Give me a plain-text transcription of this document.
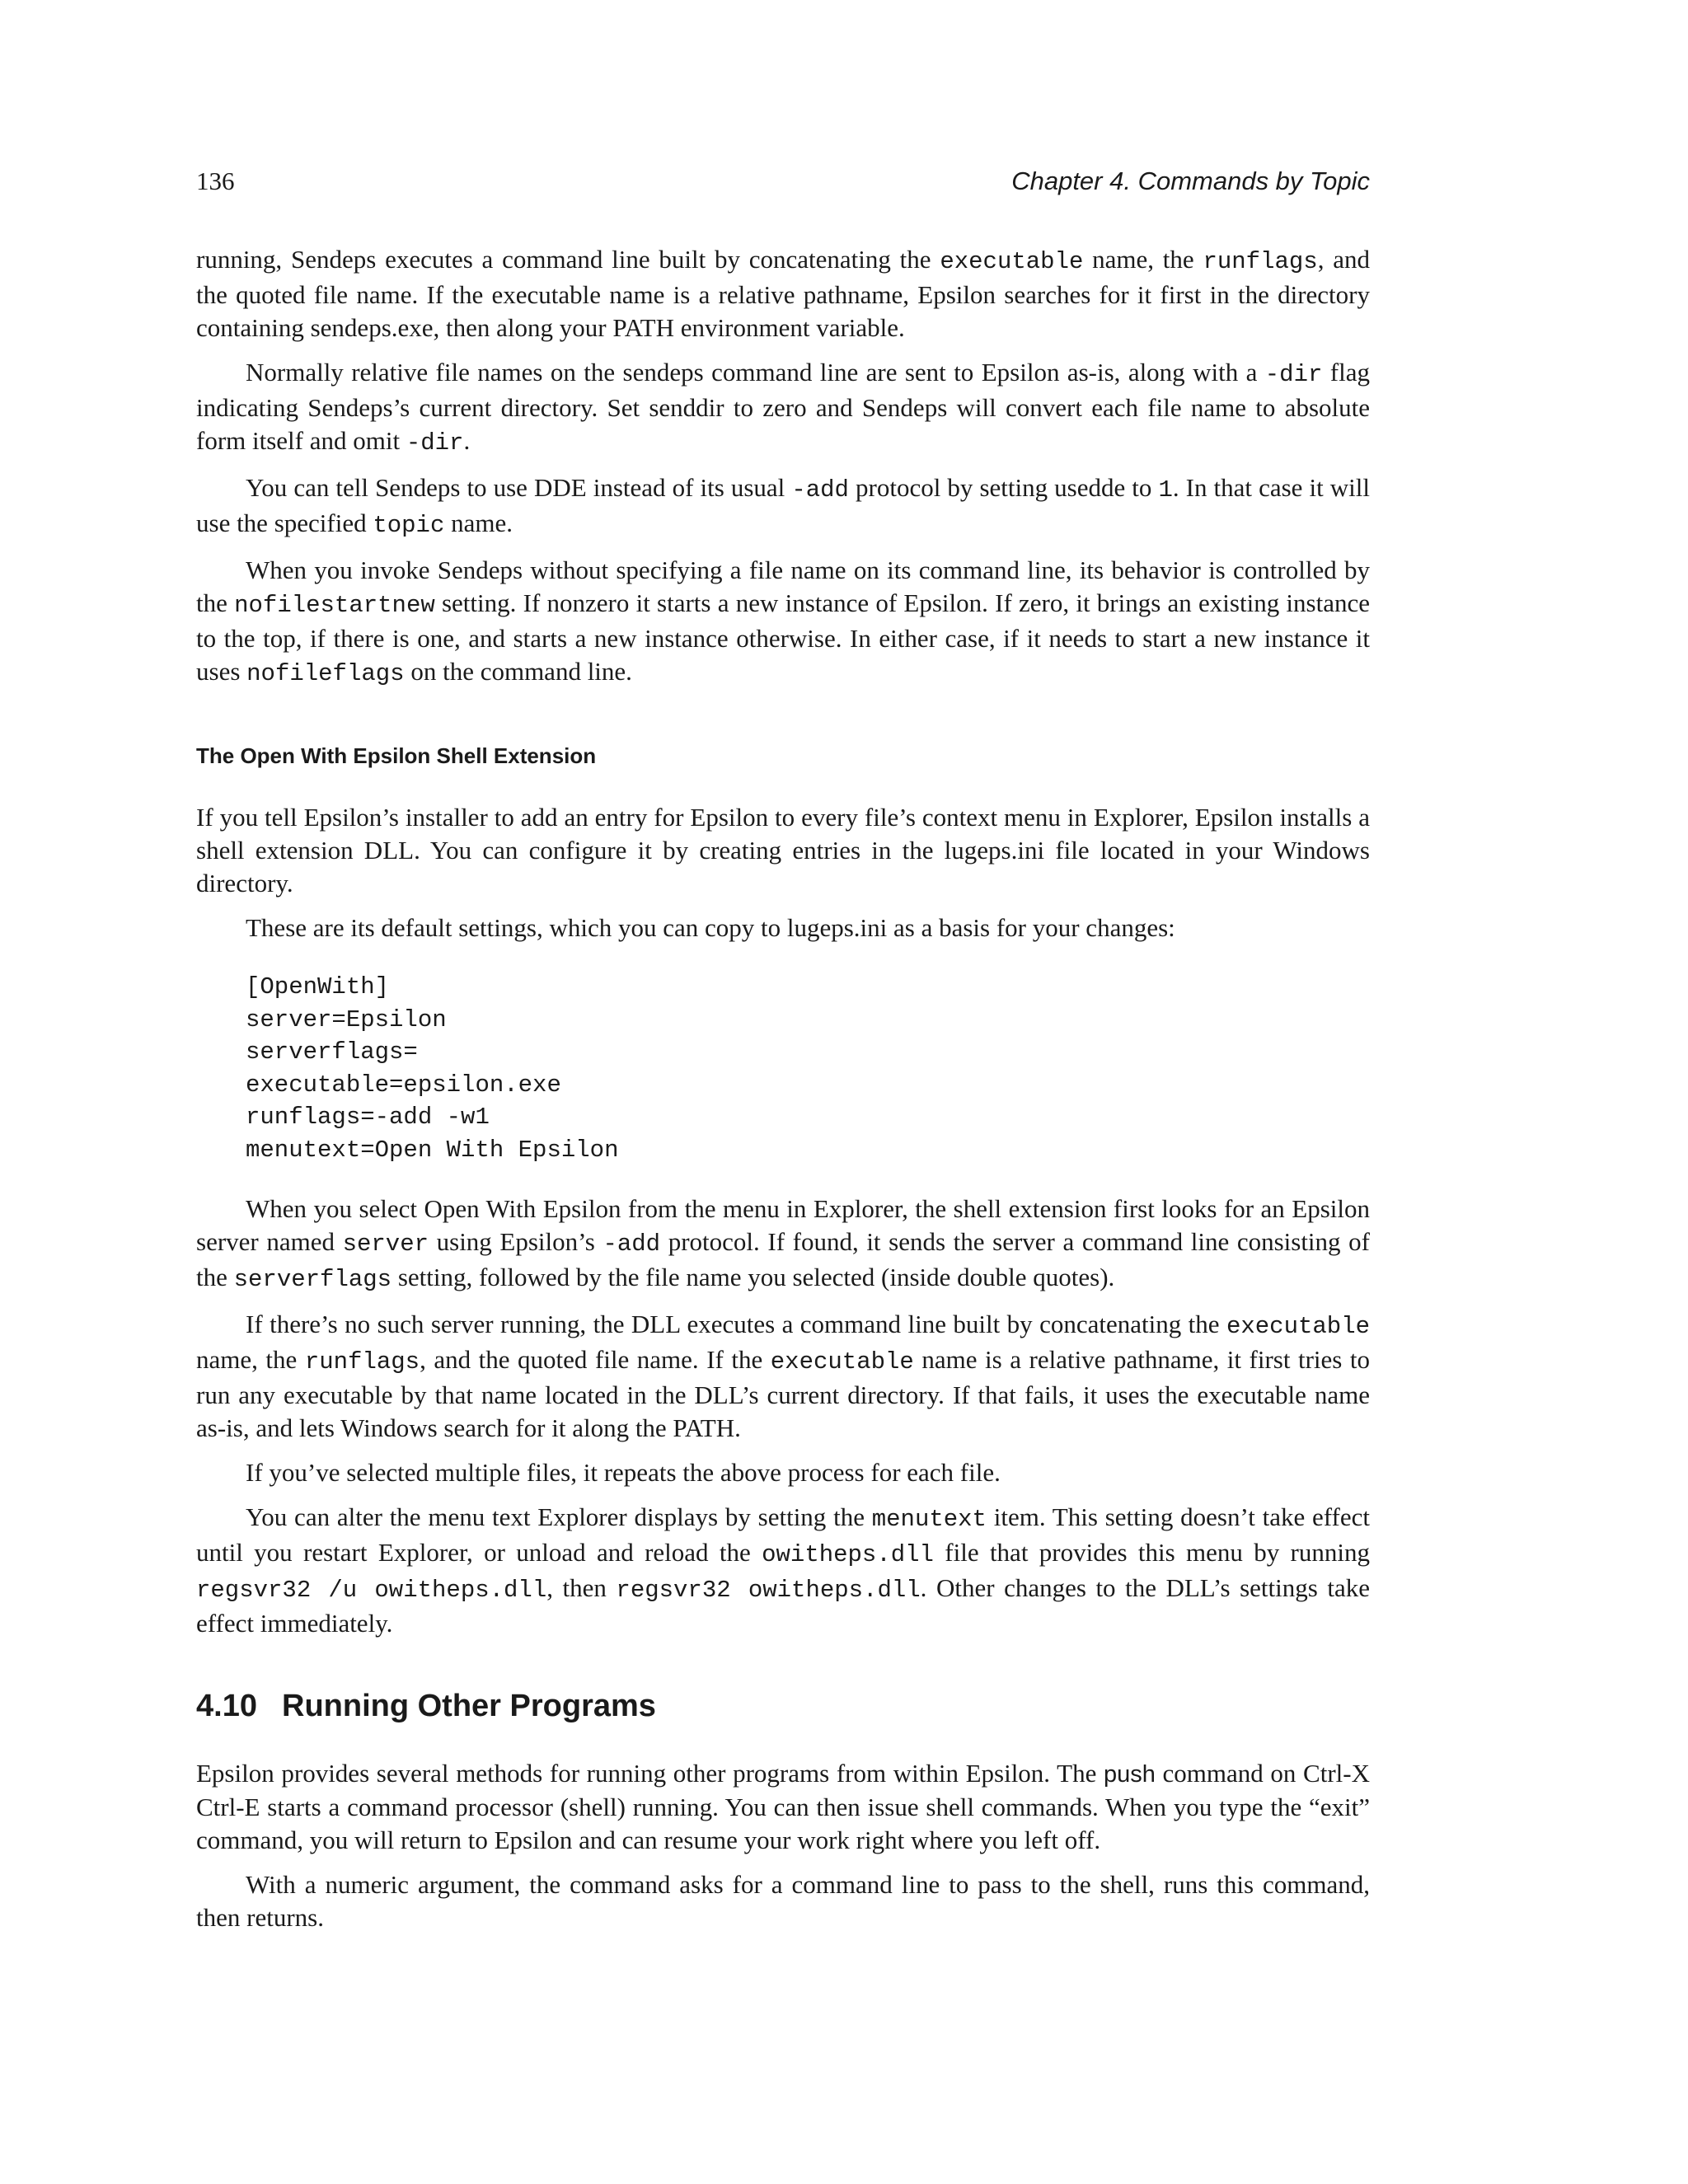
136	Chapter 4. Commands by Topic

running, Sendeps executes a command line built by concatenating the executable name, the runflags, and the quoted file name. If the executable name is a relative pathname, Epsilon searches for it first in the directory containing sendeps.exe, then along your PATH environment variable.

Normally relative file names on the sendeps command line are sent to Epsilon as-is, along with a -dir flag indicating Sendeps’s current directory. Set senddir to zero and Sendeps will convert each file name to absolute form itself and omit -dir.

You can tell Sendeps to use DDE instead of its usual -add protocol by setting usedde to 1. In that case it will use the specified topic name.

When you invoke Sendeps without specifying a file name on its command line, its behavior is controlled by the nofilestartnew setting. If nonzero it starts a new instance of Epsilon. If zero, it brings an existing instance to the top, if there is one, and starts a new instance otherwise. In either case, if it needs to start a new instance it uses nofileflags on the command line.

The Open With Epsilon Shell Extension

If you tell Epsilon’s installer to add an entry for Epsilon to every file’s context menu in Explorer, Epsilon installs a shell extension DLL. You can configure it by creating entries in the lugeps.ini file located in your Windows directory.

These are its default settings, which you can copy to lugeps.ini as a basis for your changes:

[OpenWith]
server=Epsilon
serverflags=
executable=epsilon.exe
runflags=-add -w1
menutext=Open With Epsilon

When you select Open With Epsilon from the menu in Explorer, the shell extension first looks for an Epsilon server named server using Epsilon’s -add protocol. If found, it sends the server a command line consisting of the serverflags setting, followed by the file name you selected (inside double quotes).

If there’s no such server running, the DLL executes a command line built by concatenating the executable name, the runflags, and the quoted file name. If the executable name is a relative pathname, it first tries to run any executable by that name located in the DLL’s current directory. If that fails, it uses the executable name as-is, and lets Windows search for it along the PATH.

If you’ve selected multiple files, it repeats the above process for each file.

You can alter the menu text Explorer displays by setting the menutext item. This setting doesn’t take effect until you restart Explorer, or unload and reload the owitheps.dll file that provides this menu by running regsvr32 /u owitheps.dll, then regsvr32 owitheps.dll. Other changes to the DLL’s settings take effect immediately.

4.10 Running Other Programs

Epsilon provides several methods for running other programs from within Epsilon. The push command on Ctrl-X Ctrl-E starts a command processor (shell) running. You can then issue shell commands. When you type the “exit” command, you will return to Epsilon and can resume your work right where you left off.

With a numeric argument, the command asks for a command line to pass to the shell, runs this command, then returns.
